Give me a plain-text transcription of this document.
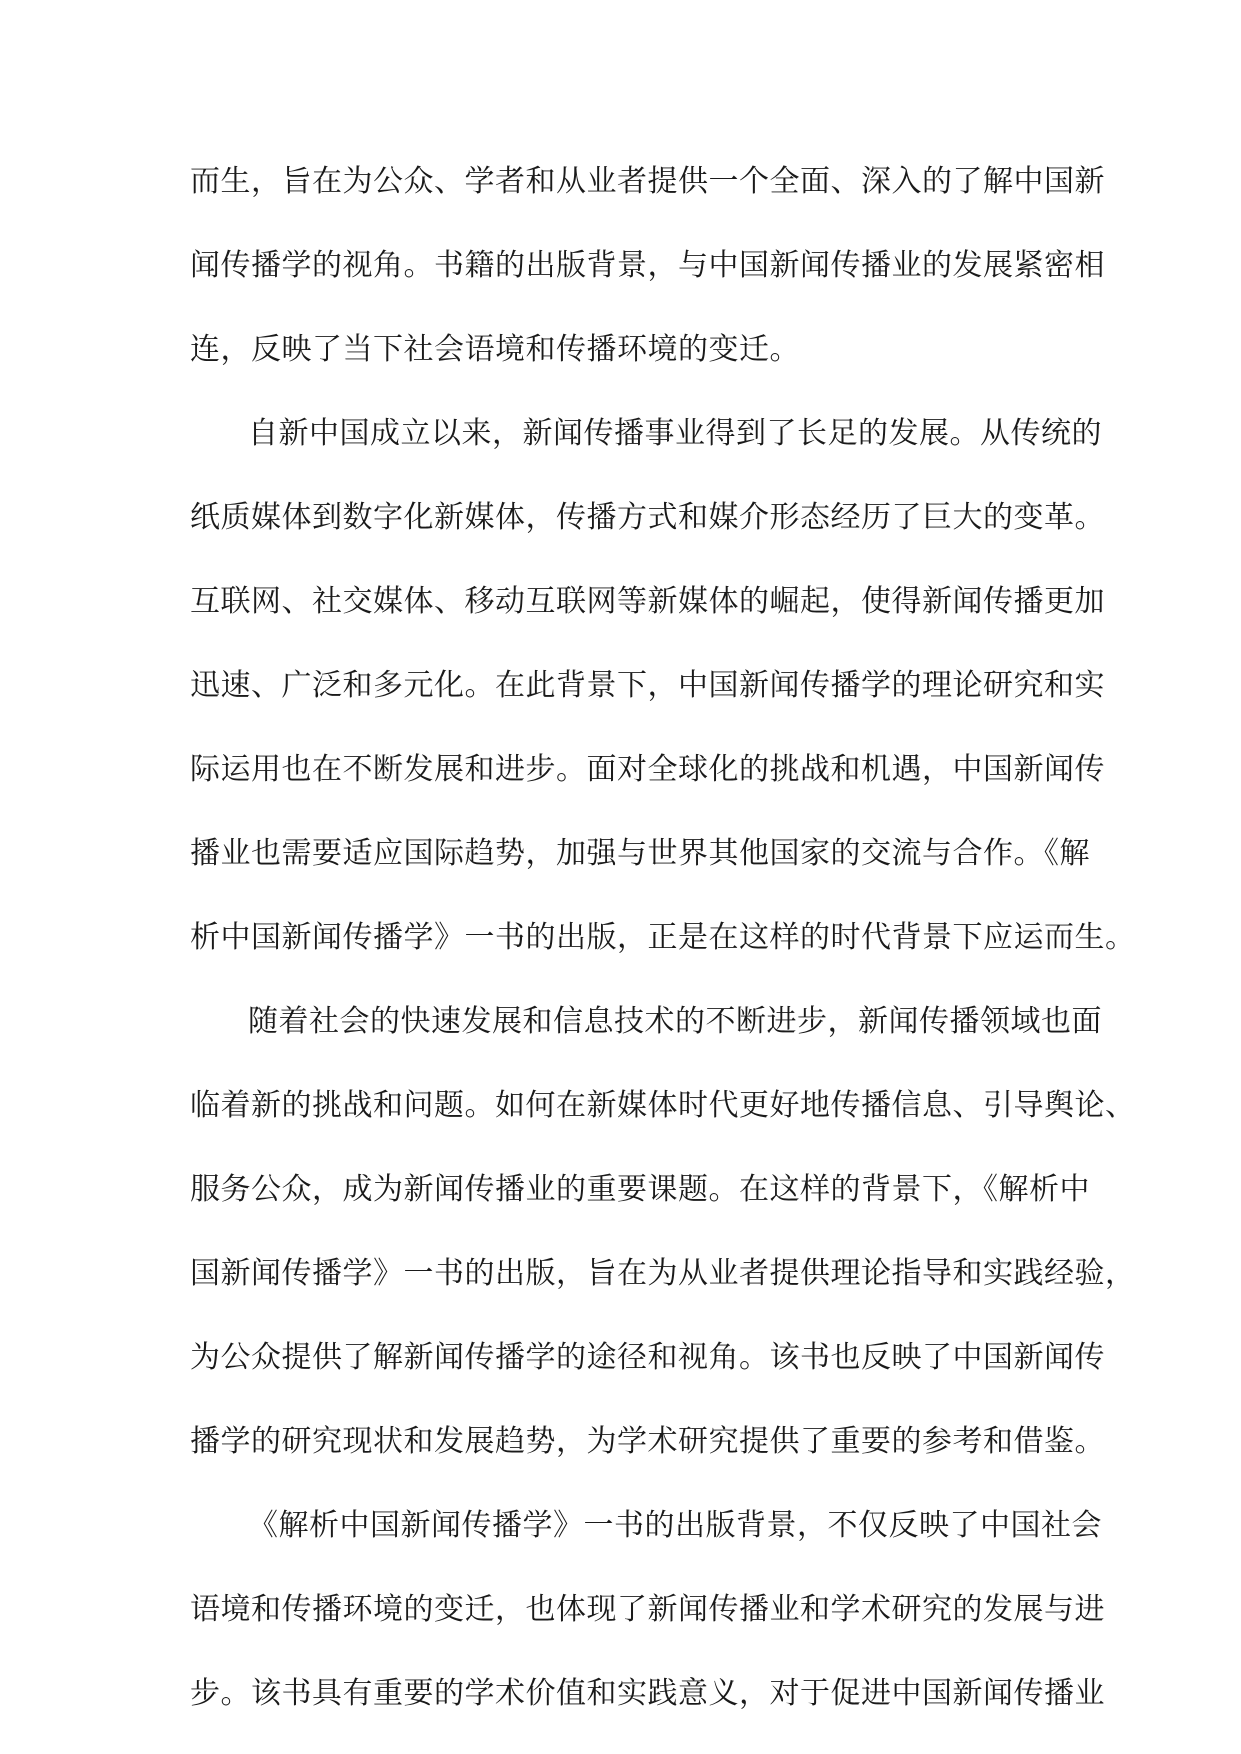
而生，旨在为公众、学者和从业者提供一个全面、深入的了解中国新
闻传播学的视角。书籍的出版背景，与中国新闻传播业的发展紧密相
连，反映了当下社会语境和传播环境的变迁。
自新中国成立以来，新闻传播事业得到了长足的发展。从传统的
纸质媒体到数字化新媒体，传播方式和媒介形态经历了巨大的变革。
互联网、社交媒体、移动互联网等新媒体的崛起，使得新闻传播更加
迅速、广泛和多元化。在此背景下，中国新闻传播学的理论研究和实
际运用也在不断发展和进步。面对全球化的挑战和机遇，中国新闻传
播业也需要适应国际趋势，加强与世界其他国家的交流与合作。《解
析中国新闻传播学》一书的出版，正是在这样的时代背景下应运而生。
随着社会的快速发展和信息技术的不断进步，新闻传播领域也面
临着新的挑战和问题。如何在新媒体时代更好地传播信息、引导舆论、
服务公众，成为新闻传播业的重要课题。在这样的背景下，《解析中
国新闻传播学》一书的出版，旨在为从业者提供理论指导和实践经验，
为公众提供了解新闻传播学的途径和视角。该书也反映了中国新闻传
播学的研究现状和发展趋势，为学术研究提供了重要的参考和借鉴。
《解析中国新闻传播学》一书的出版背景，不仅反映了中国社会
语境和传播环境的变迁，也体现了新闻传播业和学术研究的发展与进
步。该书具有重要的学术价值和实践意义，对于促进中国新闻传播业
